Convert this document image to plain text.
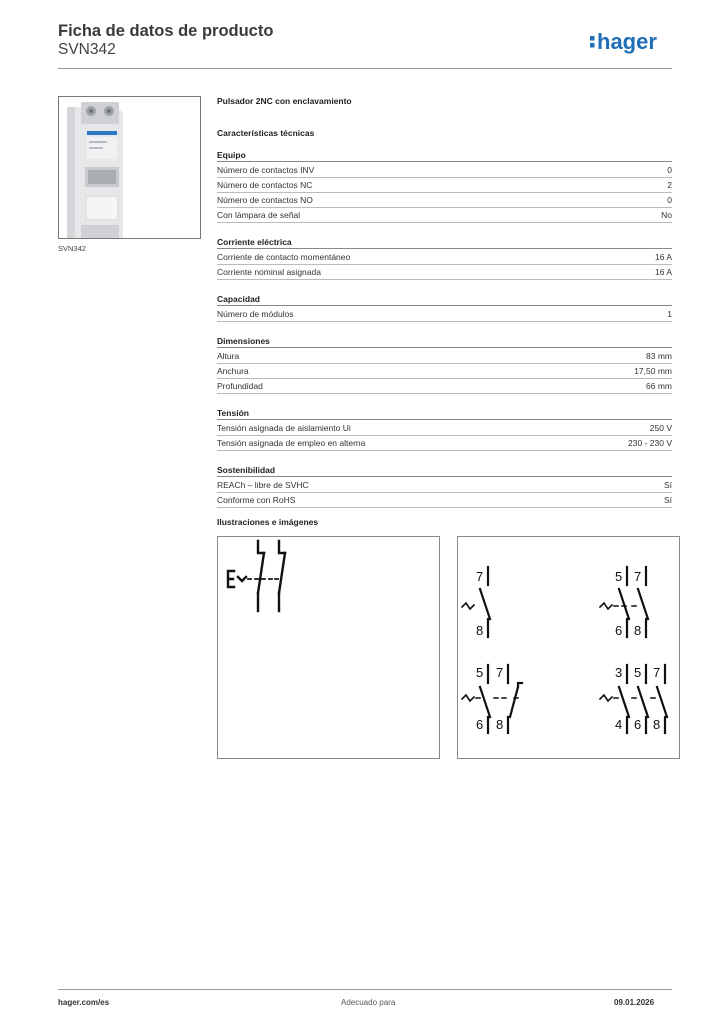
Ficha de datos de producto
SVN342	hager
SVN342
Pulsador 2NC con enclavamiento
Características técnicas
Equipo
Número de contactos INV	0
Número de contactos NC	2
Número de contactos NO	0
Con lámpara de señal	No
Corriente eléctrica
Corriente de contacto momentáneo	16 A
Corriente nominal asignada	16 A
Capacidad
Número de módulos	1
Dimensiones
Altura	83 mm
Anchura	17,50 mm
Profundidad	66 mm
Tensión
Tensión asignada de aislamiento Ui	250 V
Tensión asignada de empleo en alterna	230 - 230 V
Sostenibilidad
REACh – libre de SVHC	Sí
Conforme con RoHS	Sí
Ilustraciones e imágenes
7
8
5 7
6 8
5 7
6 8
3 5 7
4 6 8
hager.com/es	Adecuado para	09.01.2026
